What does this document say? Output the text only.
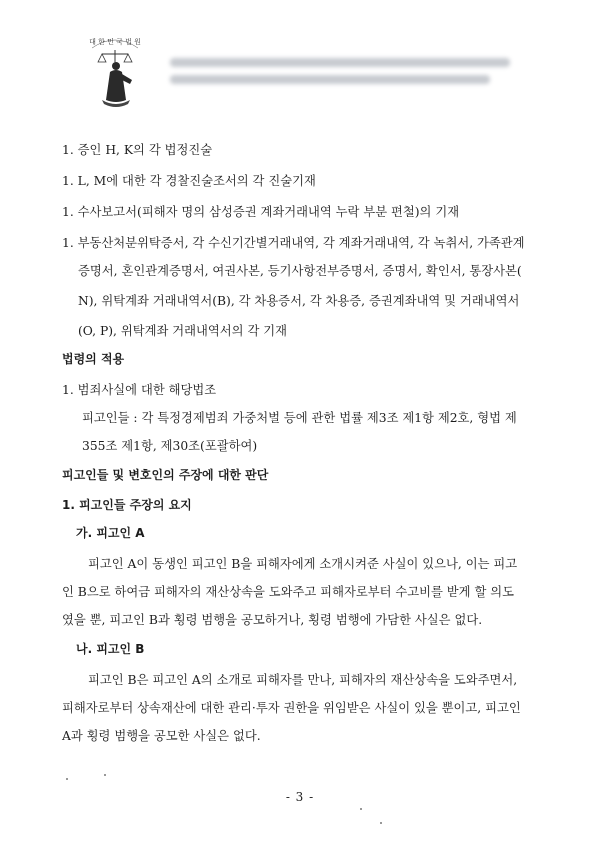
대 한 민 국 법 원
1. 증인 H, K의 각 법정진술
1. L, M에 대한 각 경찰진술조서의 각 진술기재
1. 수사보고서(피해자 명의 삼성증권 계좌거래내역 누락 부분 편철)의 기재
1. 부동산처분위탁증서, 각 수신기간별거래내역, 각 계좌거래내역, 각 녹취서, 가족관계
증명서, 혼인관계증명서, 여권사본, 등기사항전부증명서, 증명서, 확인서, 통장사본(
N), 위탁계좌 거래내역서(B), 각 차용증서, 각 차용증, 증권계좌내역 및 거래내역서
(O, P), 위탁계좌 거래내역서의 각 기재
법령의 적용
1. 범죄사실에 대한 해당법조
피고인들 : 각 특정경제범죄 가중처벌 등에 관한 법률 제3조 제1항 제2호, 형법 제
355조 제1항, 제30조(포괄하여)
피고인들 및 변호인의 주장에 대한 판단
1. 피고인들 주장의 요지
가. 피고인 A
피고인 A이 동생인 피고인 B을 피해자에게 소개시켜준 사실이 있으나, 이는 피고
인 B으로 하여금 피해자의 재산상속을 도와주고 피해자로부터 수고비를 받게 할 의도
였을 뿐, 피고인 B과 횡령 범행을 공모하거나, 횡령 범행에 가담한 사실은 없다.
나. 피고인 B
피고인 B은 피고인 A의 소개로 피해자를 만나, 피해자의 재산상속을 도와주면서,
피해자로부터 상속재산에 대한 관리·투자 권한을 위임받은 사실이 있을 뿐이고, 피고인
A과 횡령 범행을 공모한 사실은 없다.
- 3 -
